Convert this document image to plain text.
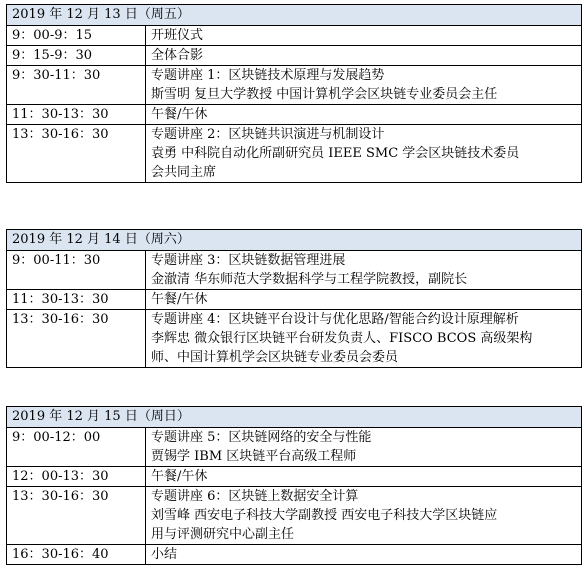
2019 年 12 月 13 日（周五）	
9：00-9：15	开班仪式

9：15-9：30	全体合影

9：30-11：30	专题讲座 1：区块链技术原理与发展趋势
斯雪明 复旦大学教授 中国计算机学会区块链专业委员会主任

11：30-13：30	午餐/午休

13：30-16：30	专题讲座 2：区块链共识演进与机制设计
袁勇 中科院自动化所副研究员 IEEE SMC 学会区块链技术委员
会共同主席
2019 年 12 月 14 日（周六）	
9：00-11：30	专题讲座 3：区块链数据管理进展
金澈清 华东师范大学数据科学与工程学院教授，副院长

11：30-13：30	午餐/午休

13：30-16：30	专题讲座 4：区块链平台设计与优化思路/智能合约设计原理解析
李辉忠 微众银行区块链平台研发负责人、FISCO BCOS 高级架构
师、中国计算机学会区块链专业委员会委员
2019 年 12 月 15 日（周日）	
9：00-12：00	专题讲座 5：区块链网络的安全与性能
贾锡学 IBM 区块链平台高级工程师

12：00-13：30	午餐/午休

13：30-16：30	专题讲座 6：区块链上数据安全计算
刘雪峰 西安电子科技大学副教授 西安电子科技大学区块链应
用与评测研究中心副主任

16：30-16：40	小结
